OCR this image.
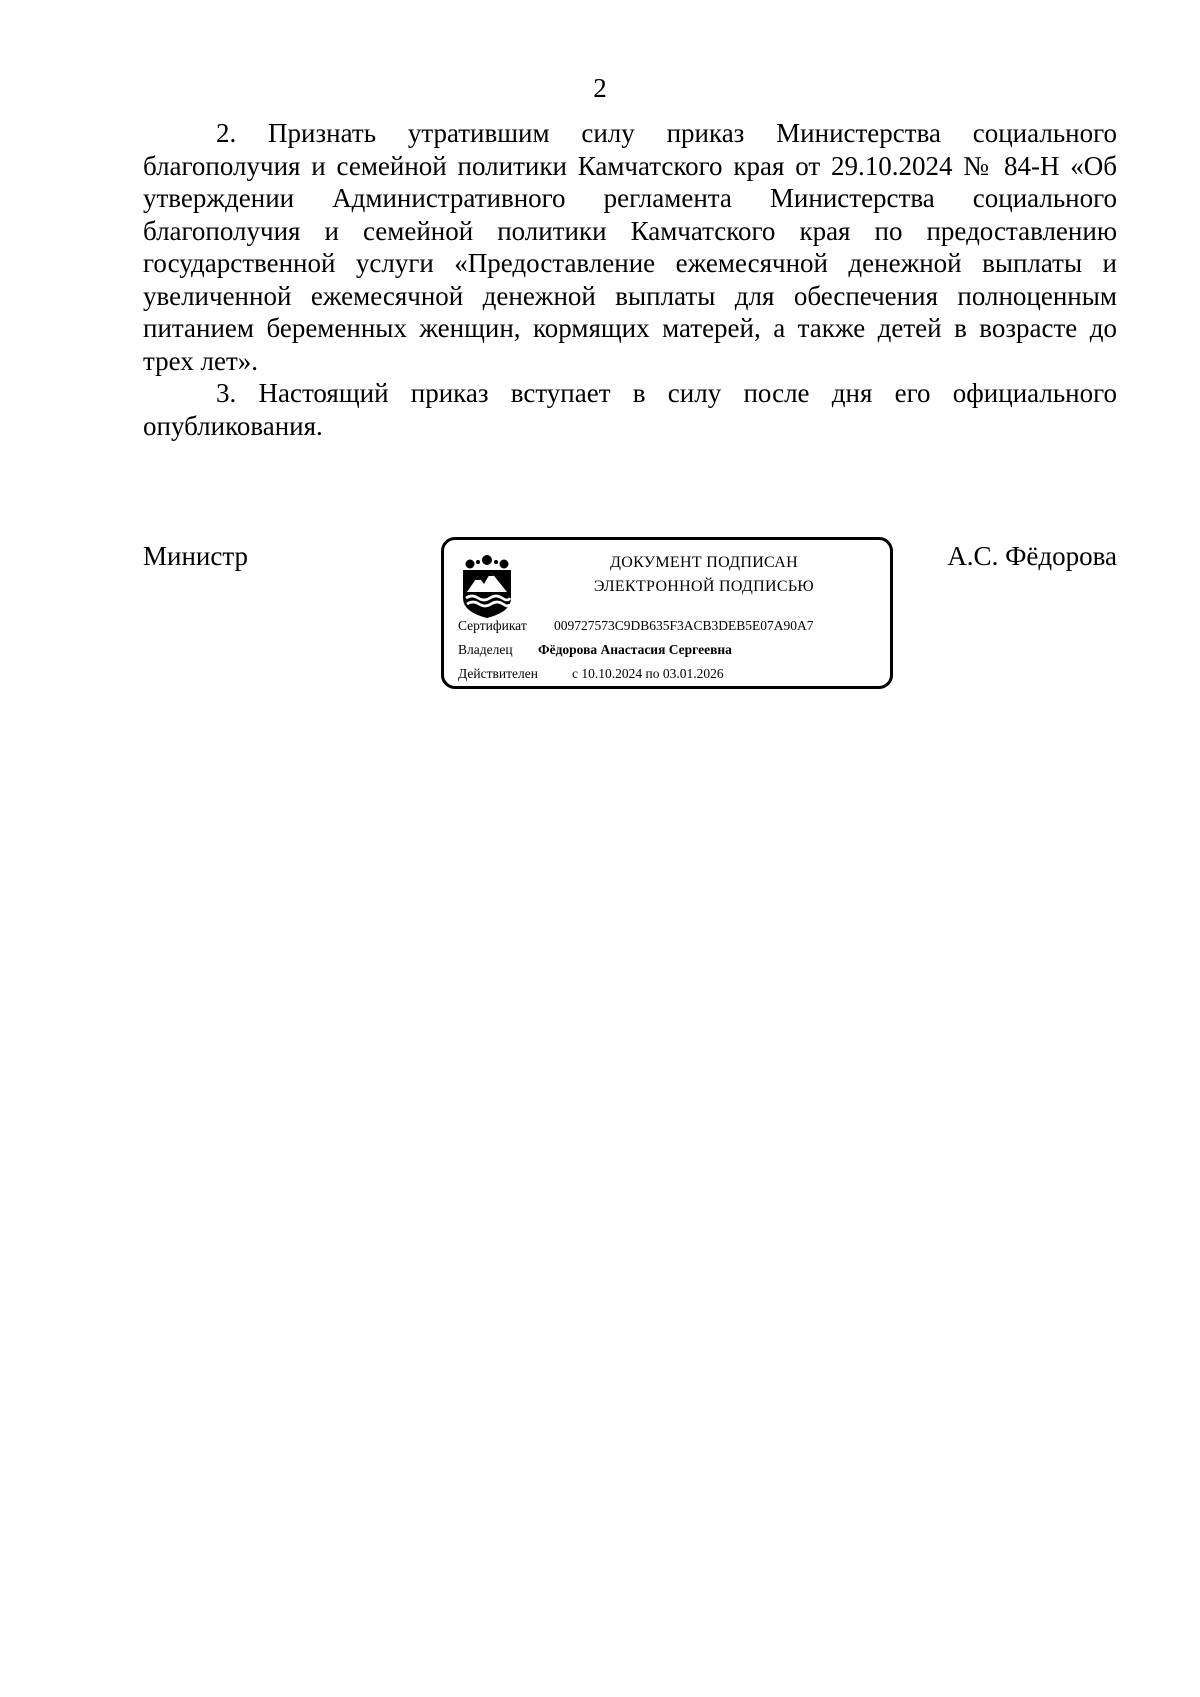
2

2. Признать утратившим силу приказ Министерства социального благополучия и семейной политики Камчатского края от 29.10.2024 № 84-Н «Об утверждении Административного регламента Министерства социального благополучия и семейной политики Камчатского края по предоставлению государственной услуги «Предоставление ежемесячной денежной выплаты и увеличенной ежемесячной денежной выплаты для обеспечения полноценным питанием беременных женщин, кормящих матерей, а также детей в возрасте до трех лет».

3. Настоящий приказ вступает в силу после дня его официального опубликования.

Министр	ДОКУМЕНТ ПОДПИСАН
ЭЛЕКТРОННОЙ ПОДПИСЬЮ
Сертификат 009727573C9DB635F3ACB3DEB5E07A90A7
Владелец Фёдорова Анастасия Сергеевна
Действителен	с 10.10.2024 по 03.01.2026
А.С. Фёдорова
